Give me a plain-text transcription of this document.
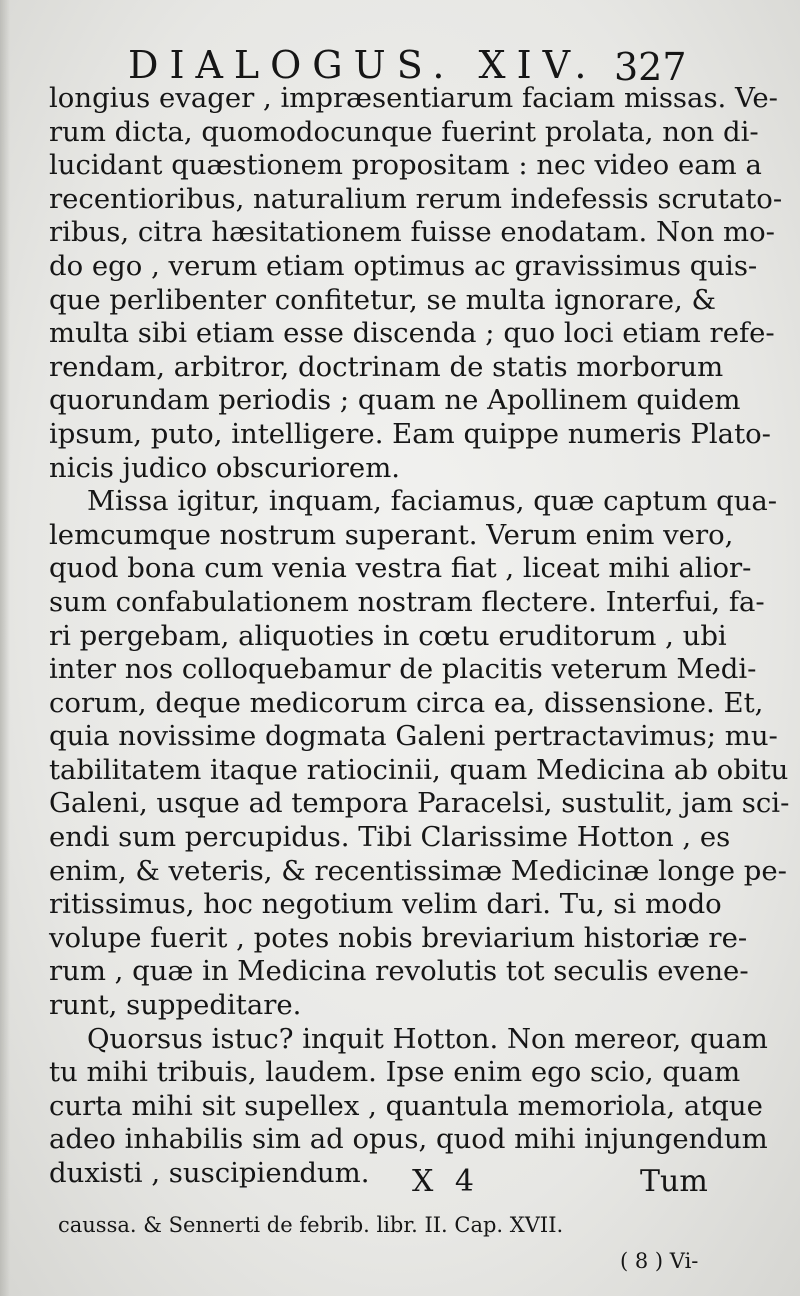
DIALOGUS. XIV. 327
longius evager , impræsentiarum faciam missas. Ve-
rum dicta, quomodocunque fuerint prolata, non di-
lucidant quæstionem propositam : nec video eam a
recentioribus, naturalium rerum indefessis scrutato-
ribus, citra hæsitationem fuisse enodatam. Non mo-
do ego , verum etiam optimus ac gravissimus quis-
que perlibenter confitetur, se multa ignorare, &
multa sibi etiam esse discenda ; quo loci etiam refe-
rendam, arbitror, doctrinam de statis morborum
quorundam periodis ; quam ne Apollinem quidem
ipsum, puto, intelligere. Eam quippe numeris Plato-
nicis judico obscuriorem.
Missa igitur, inquam, faciamus, quæ captum qua-
lemcumque nostrum superant. Verum enim vero,
quod bona cum venia vestra fiat , liceat mihi alior-
sum confabulationem nostram flectere. Interfui, fa-
ri pergebam, aliquoties in cœtu eruditorum , ubi
inter nos colloquebamur de placitis veterum Medi-
corum, deque medicorum circa ea, dissensione. Et,
quia novissime dogmata Galeni pertractavimus; mu-
tabilitatem itaque ratiocinii, quam Medicina ab obitu
Galeni, usque ad tempora Paracelsi, sustulit, jam sci-
endi sum percupidus. Tibi Clarissime Hotton , es
enim, & veteris, & recentissimæ Medicinæ longe pe-
ritissimus, hoc negotium velim dari. Tu, si modo
volupe fuerit , potes nobis breviarium historiæ re-
rum , quæ in Medicina revolutis tot seculis evene-
runt, suppeditare.
Quorsus istuc? inquit Hotton. Non mereor, quam
tu mihi tribuis, laudem. Ipse enim ego scio, quam
curta mihi sit supellex , quantula memoriola, atque
adeo inhabilis sim ad opus, quod mihi injungendum
duxisti , suscipiendum.	X 4	Tum
caussa. & Sennerti de febrib. libr. II. Cap. XVII.
( 8 ) Vi-
